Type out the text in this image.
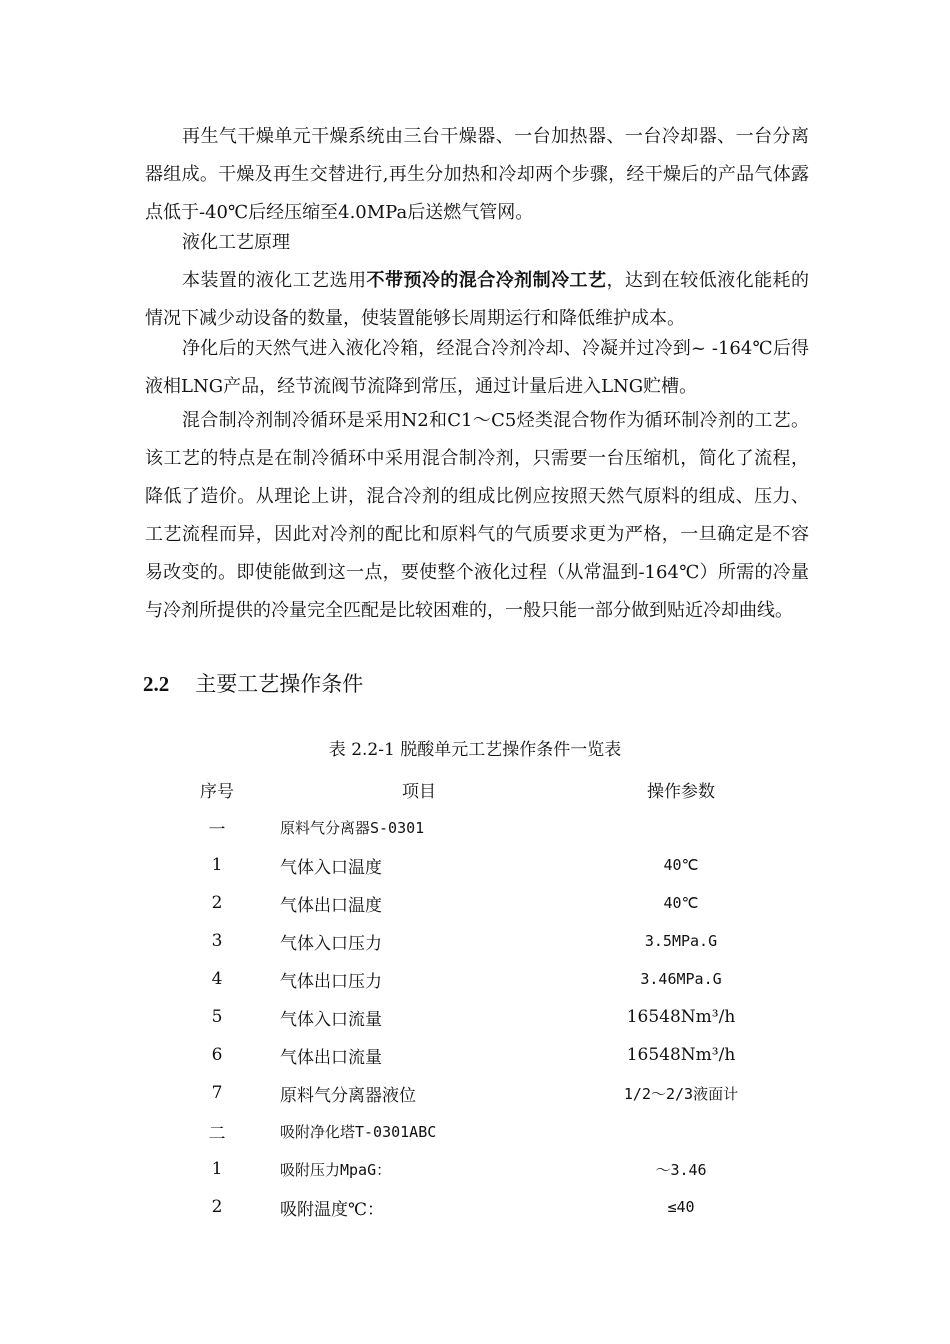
再生气干燥单元干燥系统由三台干燥器、一台加热器、一台冷却器、一台分离器组成。干燥及再生交替进行,再生分加热和冷却两个步骤，经干燥后的产品气体露点低于-40℃后经压缩至4.0MPa后送燃气管网。

液化工艺原理

本装置的液化工艺选用不带预冷的混合冷剂制冷工艺，达到在较低液化能耗的情况下减少动设备的数量，使装置能够长周期运行和降低维护成本。

净化后的天然气进入液化冷箱，经混合冷剂冷却、冷凝并过冷到~ -164℃后得液相LNG产品，经节流阀节流降到常压，通过计量后进入LNG贮槽。

混合制冷剂制冷循环是采用N2和C1～C5烃类混合物作为循环制冷剂的工艺。该工艺的特点是在制冷循环中采用混合制冷剂，只需要一台压缩机，简化了流程，降低了造价。从理论上讲，混合冷剂的组成比例应按照天然气原料的组成、压力、工艺流程而异，因此对冷剂的配比和原料气的气质要求更为严格，一旦确定是不容易改变的。即使能做到这一点，要使整个液化过程（从常温到-164℃）所需的冷量与冷剂所提供的冷量完全匹配是比较困难的，一般只能一部分做到贴近冷却曲线。

2.2 主要工艺操作条件
表 2.2-1 脱酸单元工艺操作条件一览表
序号	项目	操作参数
一	原料气分离器S-0301	
1	气体入口温度	40℃
2	气体出口温度	40℃
3	气体入口压力	3.5MPa.G
4	气体出口压力	3.46MPa.G
5	气体入口流量	16548Nm³/h
6	气体出口流量	16548Nm³/h
7	原料气分离器液位	1/2～2/3液面计
二	吸附净化塔T-0301ABC	
1	吸附压力MpaG：	～3.46
2	吸附温度℃：	≤40
